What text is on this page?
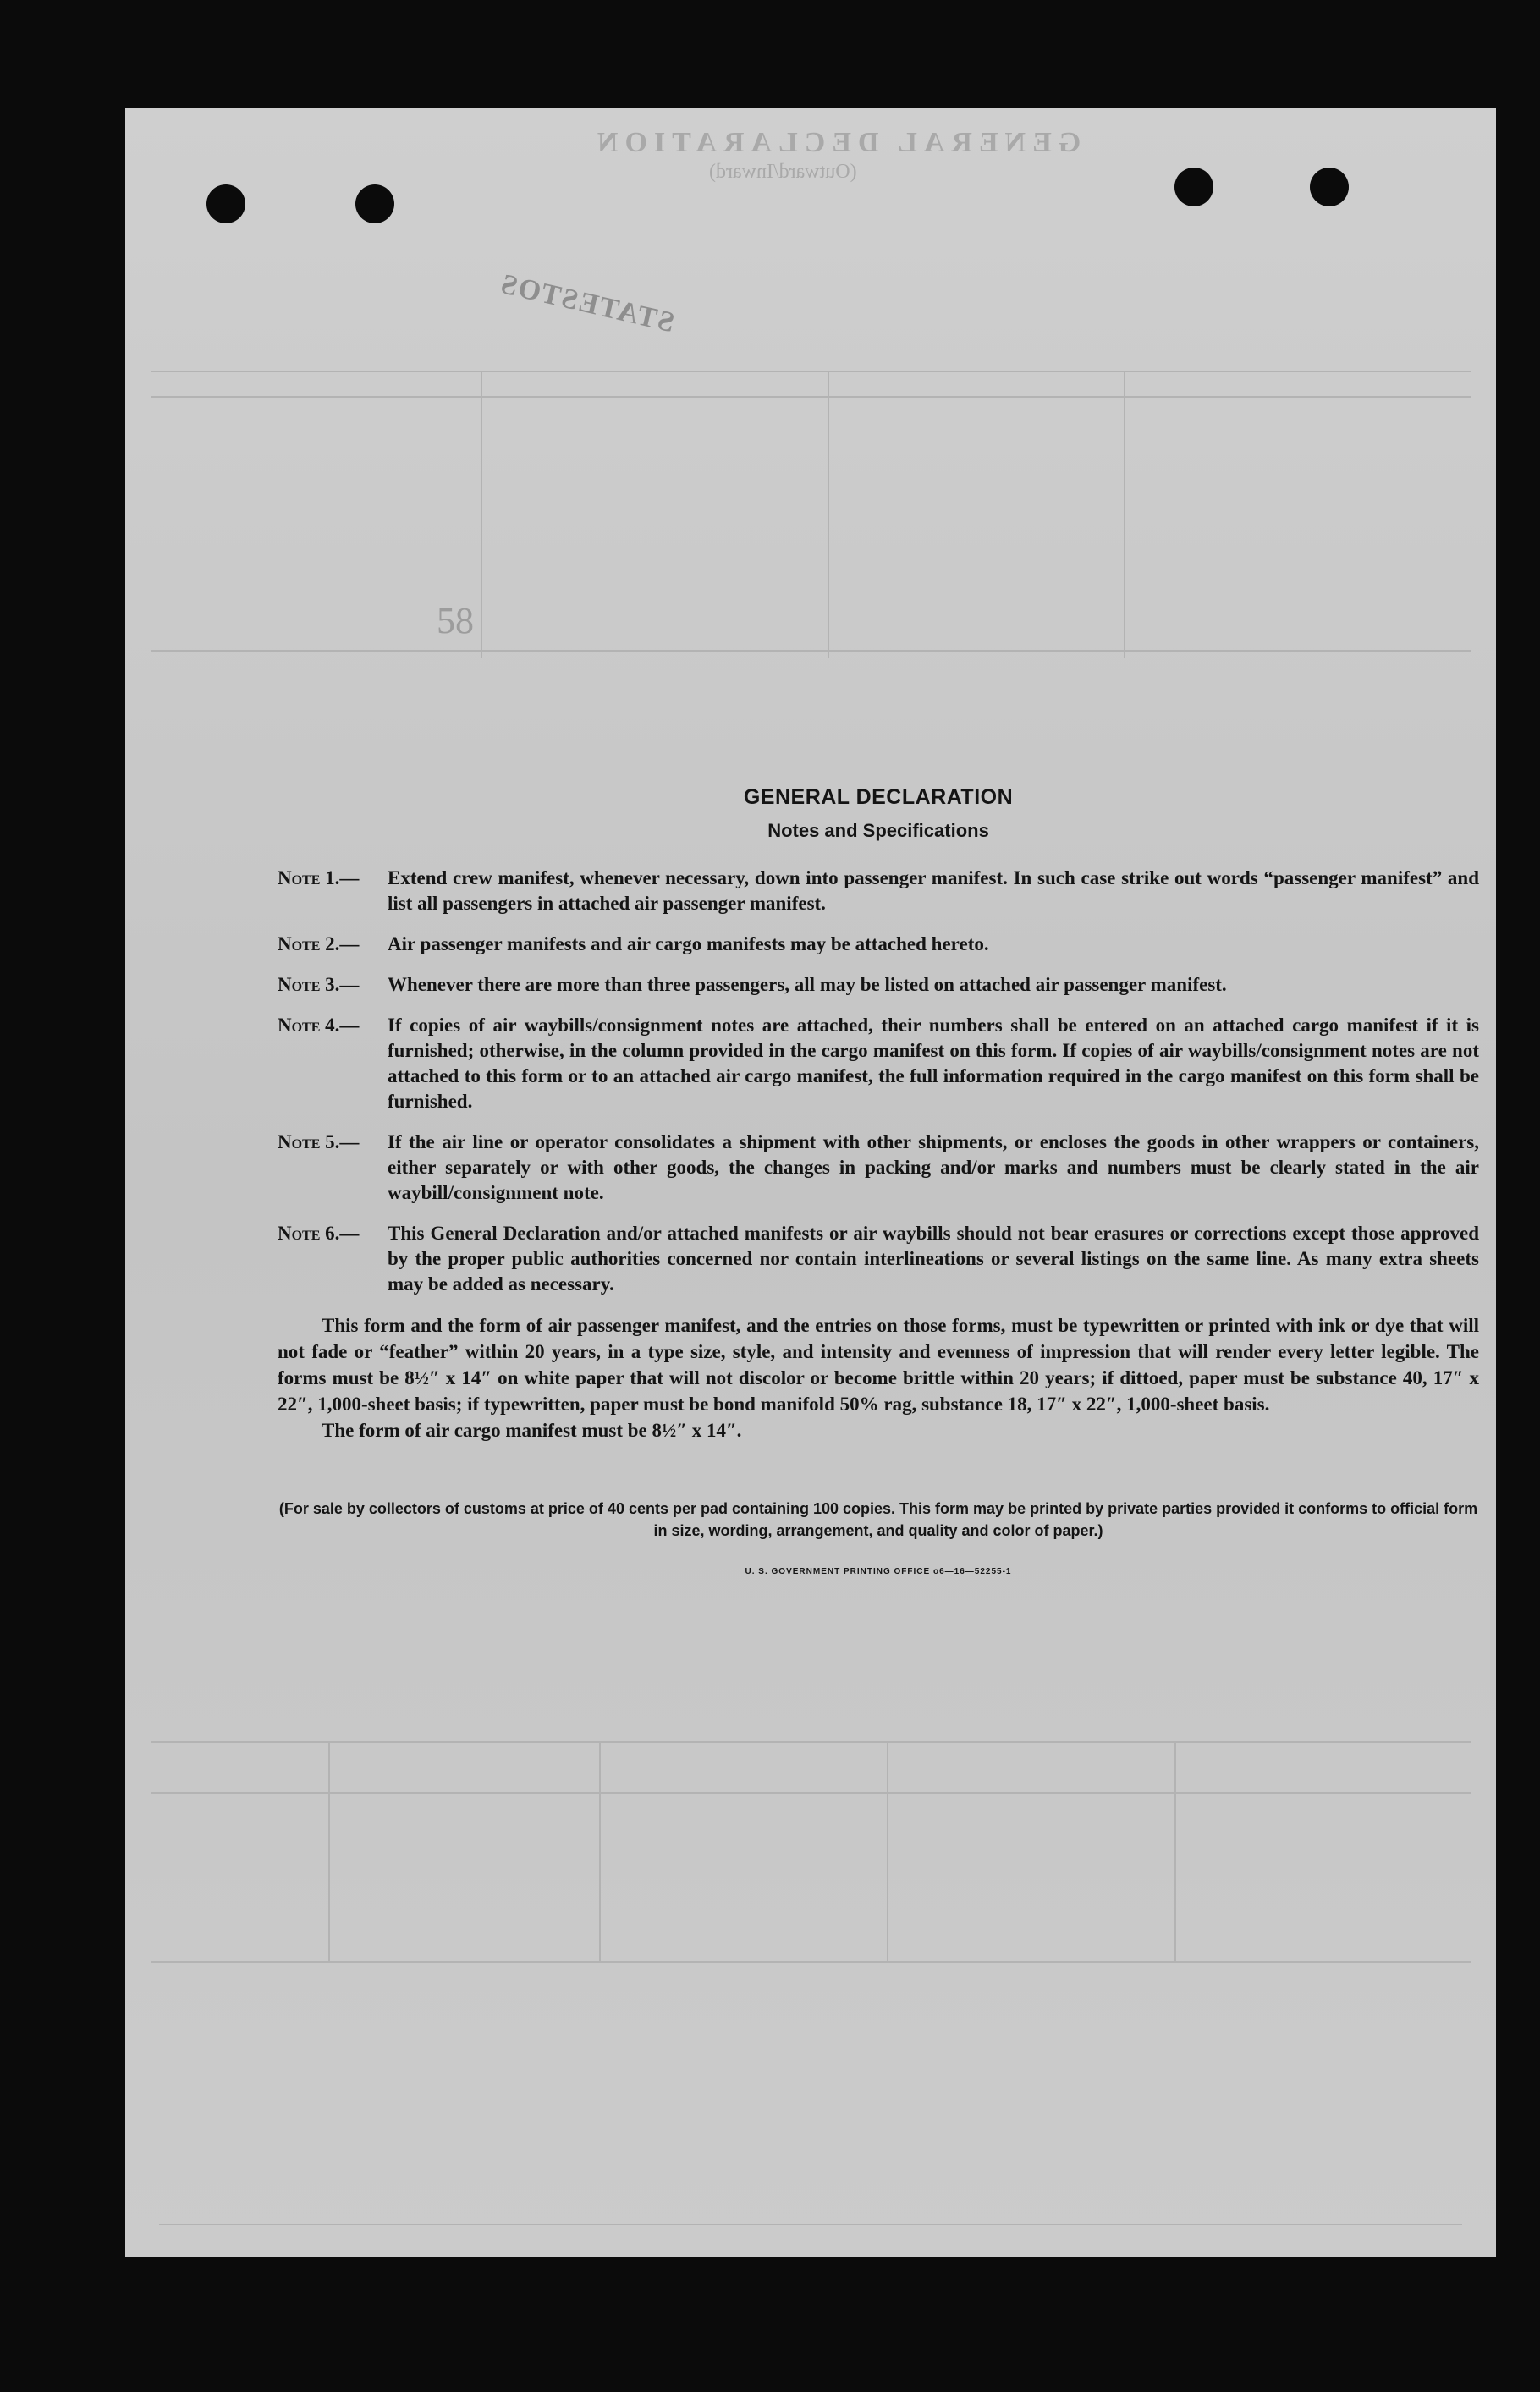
GENERAL DECLARATION
(Outward/Inward)
STATESTOS
58
GENERAL DECLARATION
Notes and Specifications
Note 1.—	Extend crew manifest, whenever necessary, down into passenger manifest. In such case strike out words “passenger manifest” and list all passengers in attached air passenger manifest.
Note 2.—	Air passenger manifests and air cargo manifests may be attached hereto.
Note 3.—	Whenever there are more than three passengers, all may be listed on attached air passenger manifest.
Note 4.—	If copies of air waybills/consignment notes are attached, their numbers shall be entered on an attached cargo manifest if it is furnished; otherwise, in the column provided in the cargo manifest on this form. If copies of air waybills/consignment notes are not attached to this form or to an attached air cargo manifest, the full information required in the cargo manifest on this form shall be furnished.
Note 5.—	If the air line or operator consolidates a shipment with other shipments, or encloses the goods in other wrappers or containers, either separately or with other goods, the changes in packing and/or marks and numbers must be clearly stated in the air waybill/consignment note.
Note 6.—	This General Declaration and/or attached manifests or air waybills should not bear erasures or corrections except those approved by the proper public authorities concerned nor contain interlineations or several listings on the same line. As many extra sheets may be added as necessary.
This form and the form of air passenger manifest, and the entries on those forms, must be typewritten or printed with ink or dye that will not fade or “feather” within 20 years, in a type size, style, and intensity and evenness of impression that will render every letter legible. The forms must be 8½″ x 14″ on white paper that will not discolor or become brittle within 20 years; if dittoed, paper must be substance 40, 17″ x 22″, 1,000-sheet basis; if typewritten, paper must be bond manifold 50% rag, substance 18, 17″ x 22″, 1,000-sheet basis.
The form of air cargo manifest must be 8½″ x 14″.
(For sale by collectors of customs at price of 40 cents per pad containing 100 copies. This form may be printed by private parties provided it conforms to official form in size, wording, arrangement, and quality and color of paper.)
U. S. GOVERNMENT PRINTING OFFICE o6—16—52255-1
